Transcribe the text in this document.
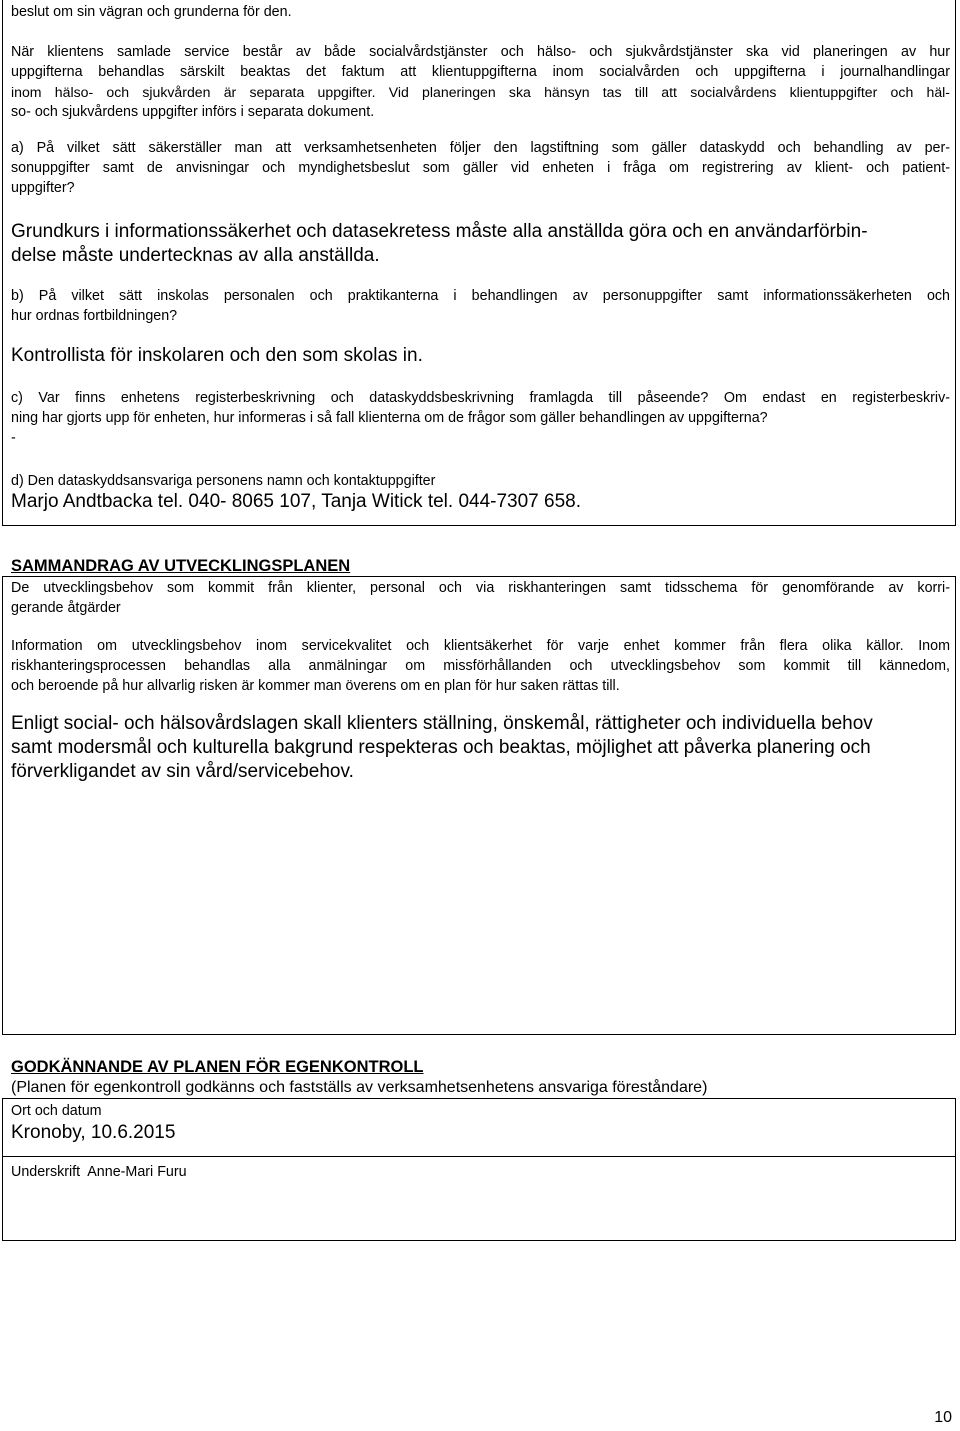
beslut om sin vägran och grunderna för den.

När klientens samlade service består av både socialvårdstjänster och hälso- och sjukvårdstjänster ska vid planeringen av hur
uppgifterna behandlas särskilt beaktas det faktum att klientuppgifterna inom socialvården och uppgifterna i journalhandlingar
inom hälso- och sjukvården är separata uppgifter. Vid planeringen ska hänsyn tas till att socialvårdens klientuppgifter och häl-
so- och sjukvårdens uppgifter införs i separata dokument.

a) På vilket sätt säkerställer man att verksamhetsenheten följer den lagstiftning som gäller dataskydd och behandling av per-
sonuppgifter samt de anvisningar och myndighetsbeslut som gäller vid enheten i fråga om registrering av klient- och patient-
uppgifter?

Grundkurs i informationssäkerhet och datasekretess måste alla anställda göra och en användarförbin-
delse måste undertecknas av alla anställda.

b) På vilket sätt inskolas personalen och praktikanterna i behandlingen av personuppgifter samt informationssäkerheten och
hur ordnas fortbildningen?

Kontrollista för inskolaren och den som skolas in.

c) Var finns enhetens registerbeskrivning och dataskyddsbeskrivning framlagda till påseende? Om endast en registerbeskriv-
ning har gjorts upp för enheten, hur informeras i så fall klienterna om de frågor som gäller behandlingen av uppgifterna?

-

d) Den dataskyddsansvariga personens namn och kontaktuppgifter

Marjo Andtbacka tel. 040- 8065 107, Tanja Witick tel. 044-7307 658.

SAMMANDRAG AV UTVECKLINGSPLANEN

De utvecklingsbehov som kommit från klienter, personal och via riskhanteringen samt tidsschema för genomförande av korri-
gerande åtgärder

Information om utvecklingsbehov inom servicekvalitet och klientsäkerhet för varje enhet kommer från flera olika källor. Inom
riskhanteringsprocessen behandlas alla anmälningar om missförhållanden och utvecklingsbehov som kommit till kännedom,
och beroende på hur allvarlig risken är kommer man överens om en plan för hur saken rättas till.

Enligt social- och hälsovårdslagen skall klienters ställning, önskemål, rättigheter och individuella behov
samt modersmål och kulturella bakgrund respekteras och beaktas, möjlighet att påverka planering och
förverkligandet av sin vård/servicebehov.

GODKÄNNANDE AV PLANEN FÖR EGENKONTROLL

(Planen för egenkontroll godkänns och fastställs av verksamhetsenhetens ansvariga föreståndare)

Ort och datum

Kronoby, 10.6.2015

Underskrift  Anne-Mari Furu

10
